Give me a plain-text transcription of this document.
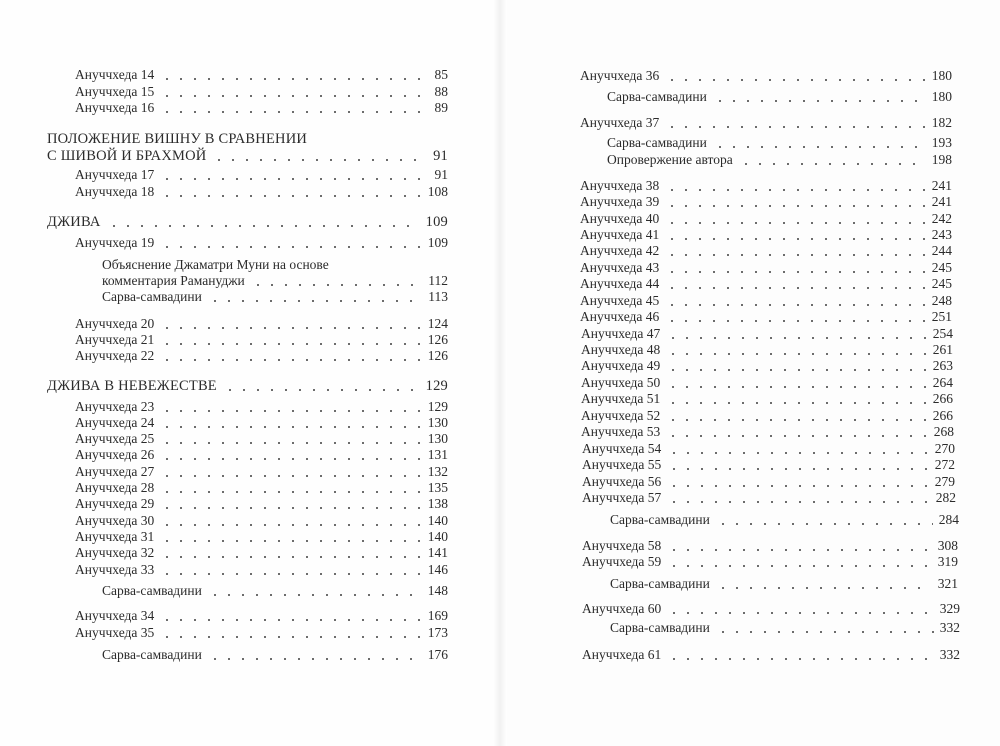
Ануччхеда 14	85
Ануччхеда 15	88
Ануччхеда 16	89
ПОЛОЖЕНИЕ ВИШНУ В СРАВНЕНИИ
С ШИВОЙ И БРАХМОЙ	91
Ануччхеда 17	91
Ануччхеда 18	108
ДЖИВА	109
Ануччхеда 19	109
Объяснение Джаматри Муни на основе
комментария Рамануджи	112
Сарва-самвадини	113
Ануччхеда 20	124
Ануччхеда 21	126
Ануччхеда 22	126
ДЖИВА В НЕВЕЖЕСТВЕ	129
Ануччхеда 23	129
Ануччхеда 24	130
Ануччхеда 25	130
Ануччхеда 26	131
Ануччхеда 27	132
Ануччхеда 28	135
Ануччхеда 29	138
Ануччхеда 30	140
Ануччхеда 31	140
Ануччхеда 32	141
Ануччхеда 33	146
Сарва-самвадини	148
Ануччхеда 34	169
Ануччхеда 35	173
Сарва-самвадини	176
Ануччхеда 36	180
Сарва-самвадини	180
Ануччхеда 37	182
Сарва-самвадини	193
Опровержение автора	198
Ануччхеда 38	241
Ануччхеда 39	241
Ануччхеда 40	242
Ануччхеда 41	243
Ануччхеда 42	244
Ануччхеда 43	245
Ануччхеда 44	245
Ануччхеда 45	248
Ануччхеда 46	251
Ануччхеда 47	254
Ануччхеда 48	261
Ануччхеда 49	263
Ануччхеда 50	264
Ануччхеда 51	266
Ануччхеда 52	266
Ануччхеда 53	268
Ануччхеда 54	270
Ануччхеда 55	272
Ануччхеда 56	279
Ануччхеда 57	282
Сарва-самвадини	284
Ануччхеда 58	308
Ануччхеда 59	319
Сарва-самвадини	321
Ануччхеда 60	329
Сарва-самвадини	332
Ануччхеда 61	332
